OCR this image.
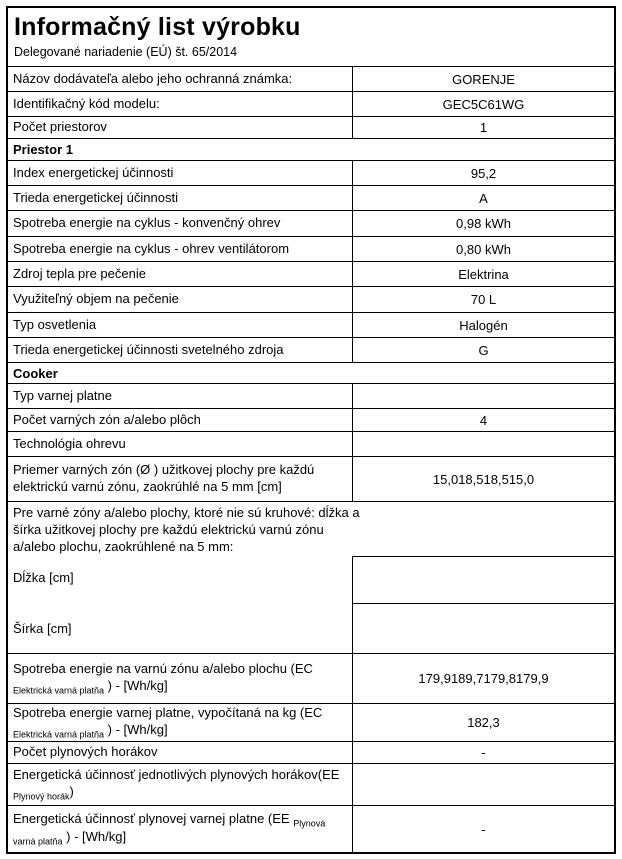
Informačný list výrobku
Delegované nariadenie (EÚ) št. 65/2014
Názov dodávateľa alebo jeho ochranná známka:	GORENJE
Identifikačný kód modelu:	GEC5C61WG
Počet priestorov	1
Priestor 1
Index energetickej účinnosti	95,2
Trieda energetickej účinnosti	A
Spotreba energie na cyklus - konvenčný ohrev	0,98 kWh
Spotreba energie na cyklus - ohrev ventilátorom	0,80 kWh
Zdroj tepla pre pečenie	Elektrina
Využiteľný objem na pečenie	70 L
Typ osvetlenia	Halogén
Trieda energetickej účinnosti svetelného zdroja	G
Cooker
Typ varnej platne
Počet varných zón a/alebo plôch	4
Technológia ohrevu
Priemer varných zón (Ø ) užitkovej plochy pre každú elektrickú varnú zónu, zaokrúhlé na 5 mm [cm]	15,0 18,5 18,5 15,0
Pre varné zóny a/alebo plochy, ktoré nie sú kruhové: dĺžka a šírka užitkovej plochy pre každú elektrickú varnú zónu a/alebo plochu, zaokrúhlené na 5 mm:
Dĺžka [cm]
Šírka [cm]
Spotreba energie na varnú zónu a/alebo plochu (EC $_{Elektrická varná platňa}$ ) - [Wh/kg]	179,9 189,7 179,8 179,9
Spotreba energie varnej platne, vypočítaná na kg (EC $_{Elektrická varná platňa}$ ) - [Wh/kg]	182,3
Počet plynových horákov	-
Energetická účinnosť jednotlivých plynových horákov(EE $_{Plynový horák}$)
Energetická účinnosť plynovej varnej platne (EE $_{Plynová varná platňa}$ ) - [Wh/kg]	-
